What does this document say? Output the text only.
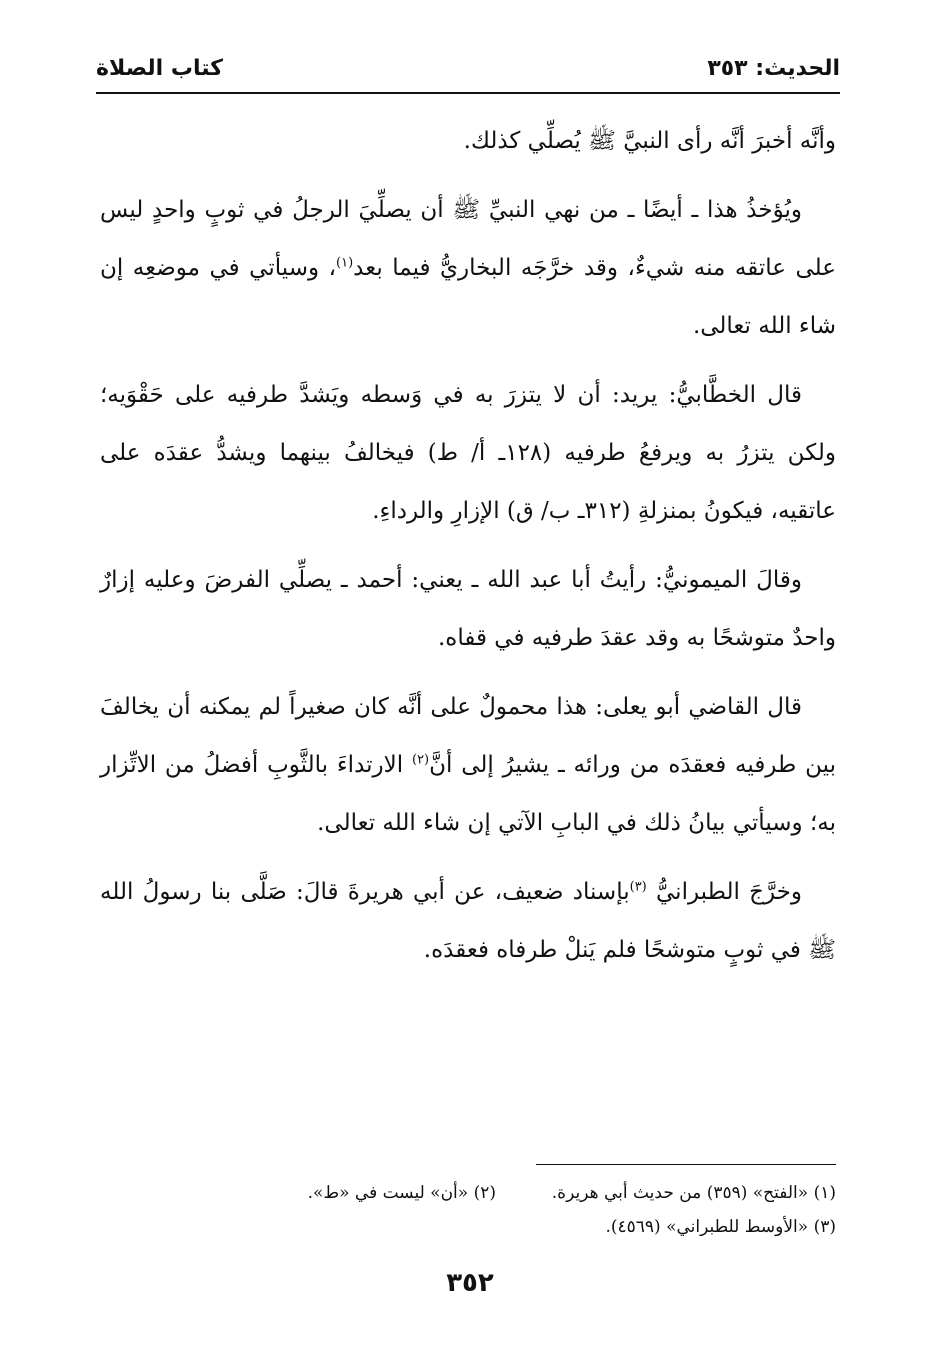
الحديث: ٣٥٣
كتاب الصلاة

وأنَّه أخبرَ أنَّه رأى النبيَّ ﷺ يُصلِّي كذلك.

ويُؤخذُ هذا ـ أيضًا ـ من نهي النبيِّ ﷺ أن يصلِّيَ الرجلُ في ثوبٍ واحدٍ ليس على عاتقه منه شيءٌ، وقد خرَّجَه البخاريُّ فيما بعد$^{(١)}$، وسيأتي في موضعِه إن شاء الله تعالى.

قال الخطَّابيُّ: يريد: أن لا يتزرَ به في وَسطه ويَشدَّ طرفيه على حَقْوَيه؛ ولكن يتزرُ به ويرفعُ طرفيه (١٢٨ـ أ/ ط) فيخالفُ بينهما ويشدُّ عقدَه على عاتقيه، فيكونُ بمنزلةِ (٣١٢ـ ب/ ق) الإزارِ والرداءِ.

وقالَ الميمونيُّ: رأيتُ أبا عبد الله ـ يعني: أحمد ـ يصلِّي الفرضَ وعليه إزارٌ واحدٌ متوشحًا به وقد عقدَ طرفيه في قفاه.

قال القاضي أبو يعلى: هذا محمولٌ على أنَّه كان صغيراً لم يمكنه أن يخالفَ بين طرفيه فعقدَه من ورائه ـ يشيرُ إلى أنَّ$^{(٢)}$ الارتداءَ بالثَّوبِ أفضلُ من الاتِّزار به؛ وسيأتي بيانُ ذلك في البابِ الآتي إن شاء الله تعالى.

وخرَّجَ الطبرانيُّ $^{(٣)}$بإسناد ضعيف، عن أبي هريرةَ قالَ: صَلَّى بنا رسولُ الله ﷺ في ثوبٍ متوشحًا فلم يَنلْ طرفاه فعقدَه.

(١) «الفتح» (٣٥٩) من حديث أبي هريرة.
(٢) «أن» ليست في «ط».
(٣) «الأوسط للطبراني» (٤٥٦٩).
٣٥٢
